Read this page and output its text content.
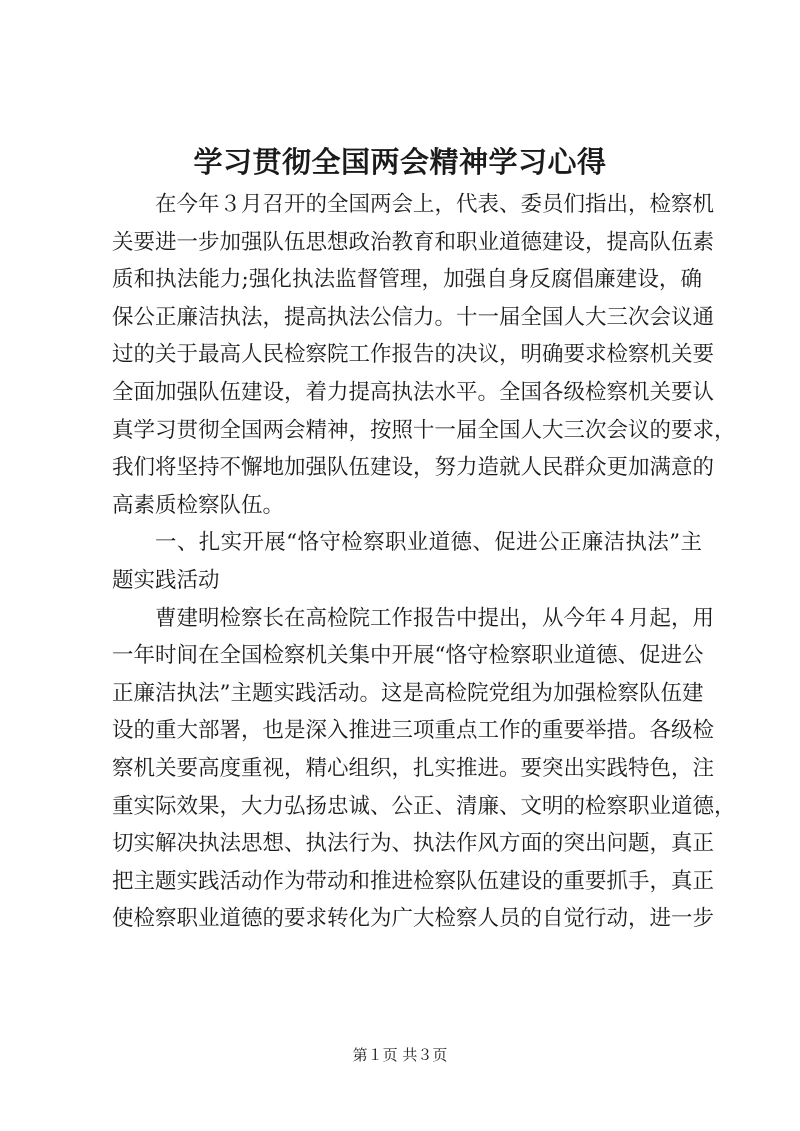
学习贯彻全国两会精神学习心得
在今年３月召开的全国两会上，代表、委员们指出，检察机
关要进一步加强队伍思想政治教育和职业道德建设，提高队伍素
质和执法能力;强化执法监督管理，加强自身反腐倡廉建设，确
保公正廉洁执法，提高执法公信力。十一届全国人大三次会议通
过的关于最高人民检察院工作报告的决议，明确要求检察机关要
全面加强队伍建设，着力提高执法水平。全国各级检察机关要认
真学习贯彻全国两会精神，按照十一届全国人大三次会议的要求，
我们将坚持不懈地加强队伍建设，努力造就人民群众更加满意的
高素质检察队伍。
一、扎实开展“恪守检察职业道德、促进公正廉洁执法”主
题实践活动
曹建明检察长在高检院工作报告中提出，从今年４月起，用
一年时间在全国检察机关集中开展“恪守检察职业道德、促进公
正廉洁执法”主题实践活动。这是高检院党组为加强检察队伍建
设的重大部署，也是深入推进三项重点工作的重要举措。各级检
察机关要高度重视，精心组织，扎实推进。要突出实践特色，注
重实际效果，大力弘扬忠诚、公正、清廉、文明的检察职业道德，
切实解决执法思想、执法行为、执法作风方面的突出问题，真正
把主题实践活动作为带动和推进检察队伍建设的重要抓手，真正
使检察职业道德的要求转化为广大检察人员的自觉行动，进一步
第１页 共３页
